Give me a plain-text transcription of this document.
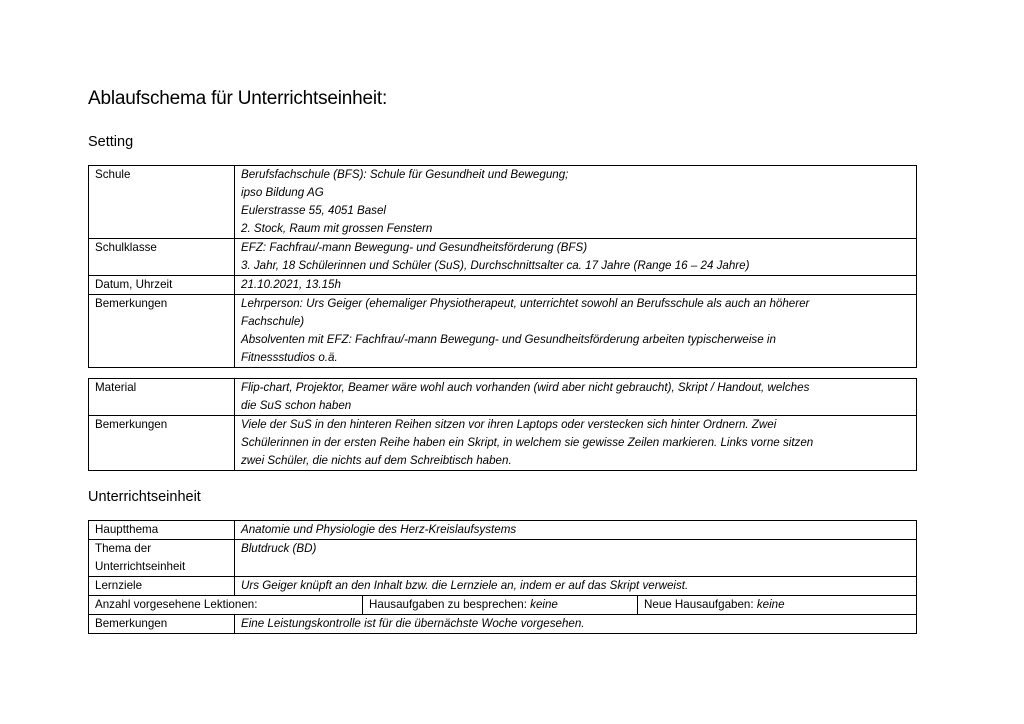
Ablaufschema für Unterrichtseinheit:
Setting
Schule	Berufsfachschule (BFS): Schule für Gesundheit und Bewegung;
ipso Bildung AG
Eulerstrasse 55, 4051 Basel
2. Stock, Raum mit grossen Fenstern

Schulklasse	EFZ: Fachfrau/-mann Bewegung- und Gesundheitsförderung (BFS)
3. Jahr, 18 Schülerinnen und Schüler (SuS), Durchschnittsalter ca. 17 Jahre (Range 16 – 24 Jahre)

Datum, Uhrzeit	21.10.2021, 13.15h

Bemerkungen	Lehrperson: Urs Geiger (ehemaliger Physiotherapeut, unterrichtet sowohl an Berufsschule als auch an höherer
Fachschule)
Absolventen mit EFZ: Fachfrau/-mann Bewegung- und Gesundheitsförderung arbeiten typischerweise in
Fitnessstudios o.ä.
Material	Flip-chart, Projektor, Beamer wäre wohl auch vorhanden (wird aber nicht gebraucht), Skript / Handout, welches
die SuS schon haben

Bemerkungen	Viele der SuS in den hinteren Reihen sitzen vor ihren Laptops oder verstecken sich hinter Ordnern. Zwei
Schülerinnen in der ersten Reihe haben ein Skript, in welchem sie gewisse Zeilen markieren. Links vorne sitzen
zwei Schüler, die nichts auf dem Schreibtisch haben.
Unterrichtseinheit
Hauptthema	Anatomie und Physiologie des Herz-Kreislaufsystems		

Thema der
Unterrichtseinheit	Blutdruck (BD)		
Lernziele	Urs Geiger knüpft an den Inhalt bzw. die Lernziele an, indem er auf das Skript verweist.		
Anzahl vorgesehene Lektionen:		Hausaufgaben zu besprechen: keine	Neue Hausaufgaben: keine
Bemerkungen	Eine Leistungskontrolle ist für die übernächste Woche vorgesehen.		
